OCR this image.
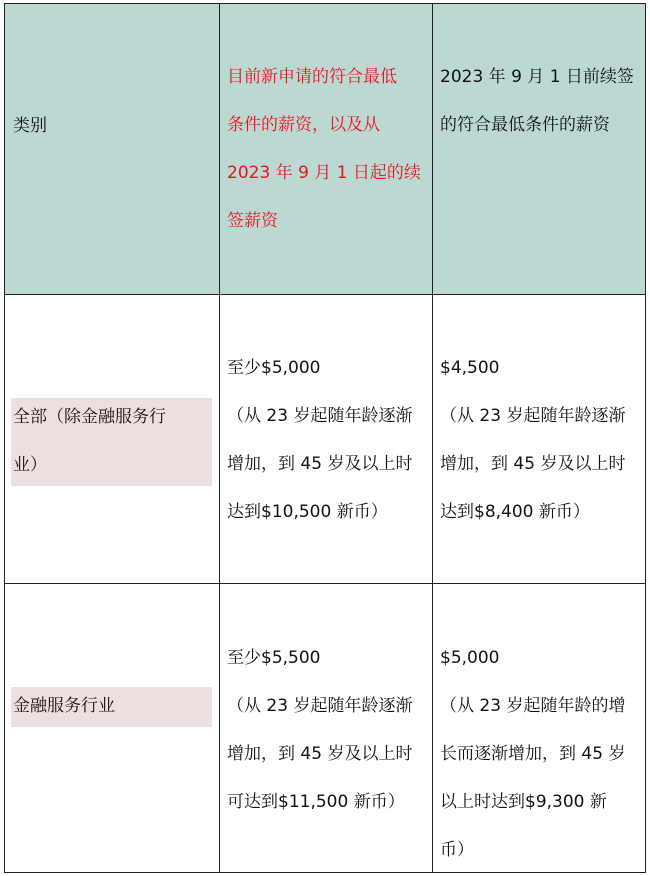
类别
目前新申请的符合最低
条件的薪资，以及从
2023 年 9 月 1 日起的续
签薪资
2023 年 9 月 1 日前续签
的符合最低条件的薪资
全部（除金融服务行
业）
至少$5,000
（从 23 岁起随年龄逐渐
增加，到 45 岁及以上时
达到$10,500 新币）
$4,500
（从 23 岁起随年龄逐渐
增加，到 45 岁及以上时
达到$8,400 新币）
金融服务行业
至少$5,500
（从 23 岁起随年龄逐渐
增加，到 45 岁及以上时
可达到$11,500 新币）
$5,000
（从 23 岁起随年龄的增
长而逐渐增加，到 45 岁
以上时达到$9,300 新
币）
